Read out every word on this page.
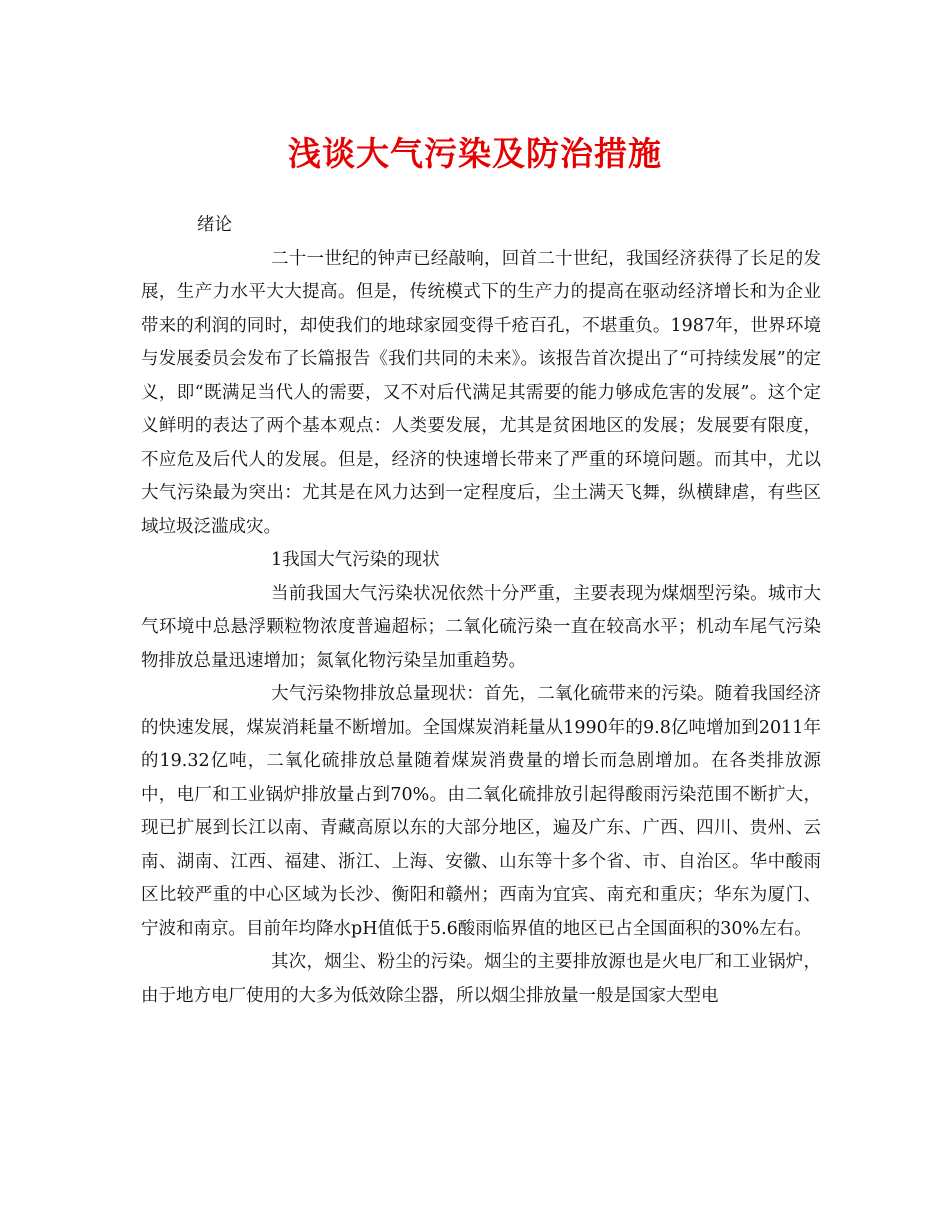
浅谈大气污染及防治措施

绪论

二十一世纪的钟声已经敲响，回首二十世纪，我国经济获得了长足的发展，生产力水平大大提高。但是，传统模式下的生产力的提高在驱动经济增长和为企业带来的利润的同时，却使我们的地球家园变得千疮百孔，不堪重负。1987年，世界环境与发展委员会发布了长篇报告《我们共同的未来》。该报告首次提出了“可持续发展”的定义，即“既满足当代人的需要，又不对后代满足其需要的能力够成危害的发展”。这个定义鲜明的表达了两个基本观点：人类要发展，尤其是贫困地区的发展；发展要有限度，不应危及后代人的发展。但是，经济的快速增长带来了严重的环境问题。而其中，尤以大气污染最为突出：尤其是在风力达到一定程度后，尘土满天飞舞，纵横肆虐，有些区域垃圾泛滥成灾。

1我国大气污染的现状

当前我国大气污染状况依然十分严重，主要表现为煤烟型污染。城市大气环境中总悬浮颗粒物浓度普遍超标；二氧化硫污染一直在较高水平；机动车尾气污染物排放总量迅速增加；氮氧化物污染呈加重趋势。

大气污染物排放总量现状：首先，二氧化硫带来的污染。随着我国经济的快速发展，煤炭消耗量不断增加。全国煤炭消耗量从1990年的9.8亿吨增加到2011年的19.32亿吨，二氧化硫排放总量随着煤炭消费量的增长而急剧增加。在各类排放源中，电厂和工业锅炉排放量占到70%。由二氧化硫排放引起得酸雨污染范围不断扩大，现已扩展到长江以南、青藏高原以东的大部分地区，遍及广东、广西、四川、贵州、云南、湖南、江西、福建、浙江、上海、安徽、山东等十多个省、市、自治区。华中酸雨区比较严重的中心区域为长沙、衡阳和赣州；西南为宜宾、南充和重庆；华东为厦门、宁波和南京。目前年均降水pH值低于5.6酸雨临界值的地区已占全国面积的30%左右。

其次，烟尘、粉尘的污染。烟尘的主要排放源也是火电厂和工业锅炉，由于地方电厂使用的大多为低效除尘器，所以烟尘排放量一般是国家大型电
